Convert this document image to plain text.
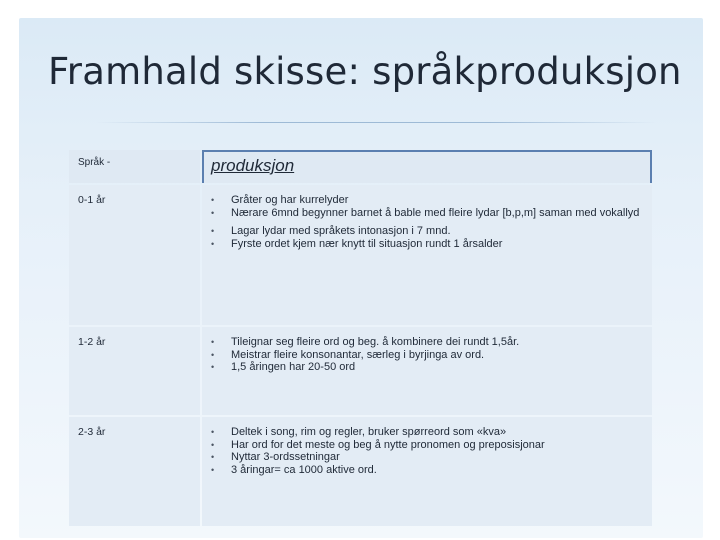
Framhald skisse: språkproduksjon
Språk -	produksjon
0-1 år	• Gråter og har kurrelyder
• Nærare 6mnd begynner barnet å bable med fleire lydar [b,p,m] saman med vokallyd
• Lagar lydar med språkets intonasjon i 7 mnd.
• Fyrste ordet kjem nær knytt til situasjon rundt 1 årsalder
1-2 år	• Tileignar seg fleire ord og beg. å kombinere dei rundt 1,5år.
• Meistrar fleire konsonantar, særleg i byrjinga av ord.
• 1,5 åringen har 20-50 ord
2-3 år	• Deltek i song, rim og regler, bruker spørreord som «kva»
• Har ord for det meste og beg å nytte pronomen og preposisjonar
• Nyttar 3-ordssetningar
• 3 åringar= ca 1000 aktive ord.
